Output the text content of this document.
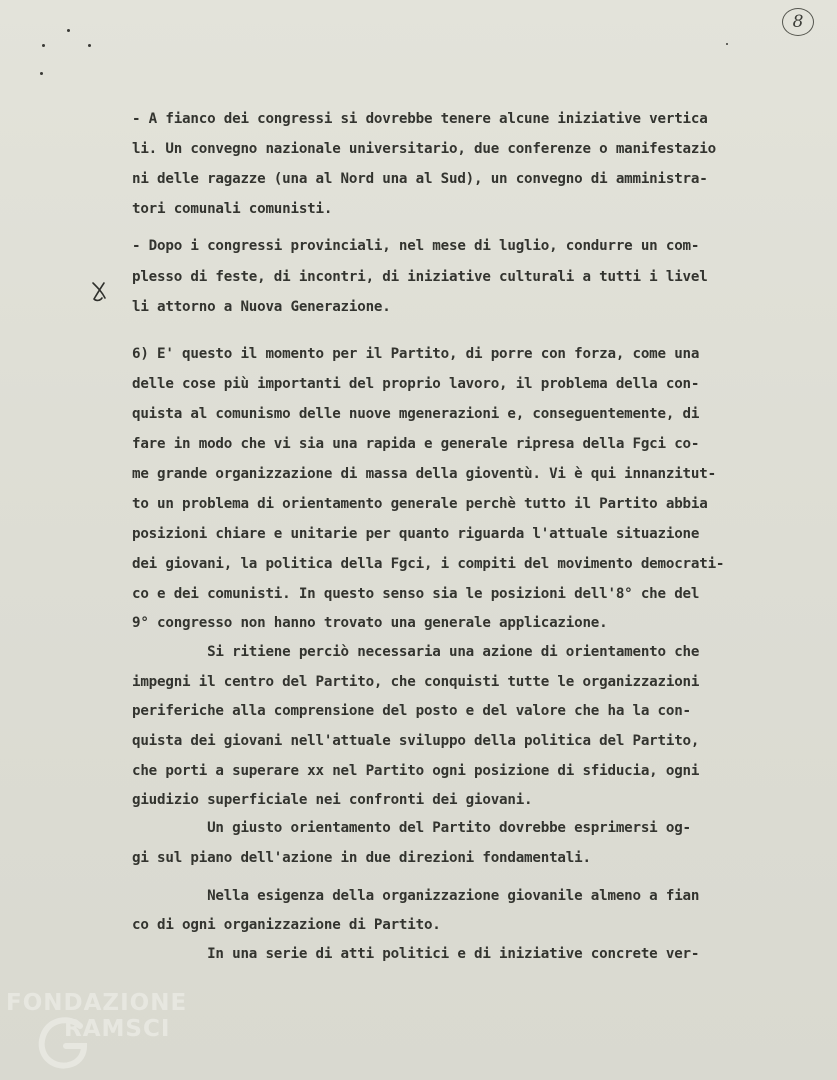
8
- A fianco dei congressi si dovrebbe tenere alcune iniziative vertica
li. Un convegno nazionale universitario, due conferenze o manifestazio
ni delle ragazze (una al Nord una al Sud), un convegno di amministra-
tori comunali comunisti.
- Dopo i congressi provinciali, nel mese di luglio, condurre un com-
plesso di feste, di incontri, di iniziative culturali a tutti i livel
li attorno a Nuova Generazione.
6) E' questo il momento per il Partito, di porre con forza, come una
delle cose più importanti del proprio lavoro, il problema della con-
quista al comunismo delle nuove mgenerazioni e, conseguentemente, di
fare in modo che vi sia una rapida e generale ripresa della Fgci co-
me grande organizzazione di massa della gioventù. Vi è qui innanzitut-
to un problema di orientamento generale perchè tutto il Partito abbia
posizioni chiare e unitarie per quanto riguarda l'attuale situazione
dei giovani, la politica della Fgci, i compiti del movimento democrati-
co e dei comunisti. In questo senso sia le posizioni dell'8° che del
9° congresso non hanno trovato una generale applicazione.
Si ritiene perciò necessaria una azione di orientamento che
impegni il centro del Partito, che conquisti tutte le organizzazioni
periferiche alla comprensione del posto e del valore che ha la con-
quista dei giovani nell'attuale sviluppo della politica del Partito,
che porti a superare xx nel Partito ogni posizione di sfiducia, ogni
giudizio superficiale nei confronti dei giovani.
Un giusto orientamento del Partito dovrebbe esprimersi og-
gi sul piano dell'azione in due direzioni fondamentali.
Nella esigenza della organizzazione giovanile almeno a fian
co di ogni organizzazione di Partito.
In una serie di atti politici e di iniziative concrete ver-
FONDAZIONE
RAMSCI
